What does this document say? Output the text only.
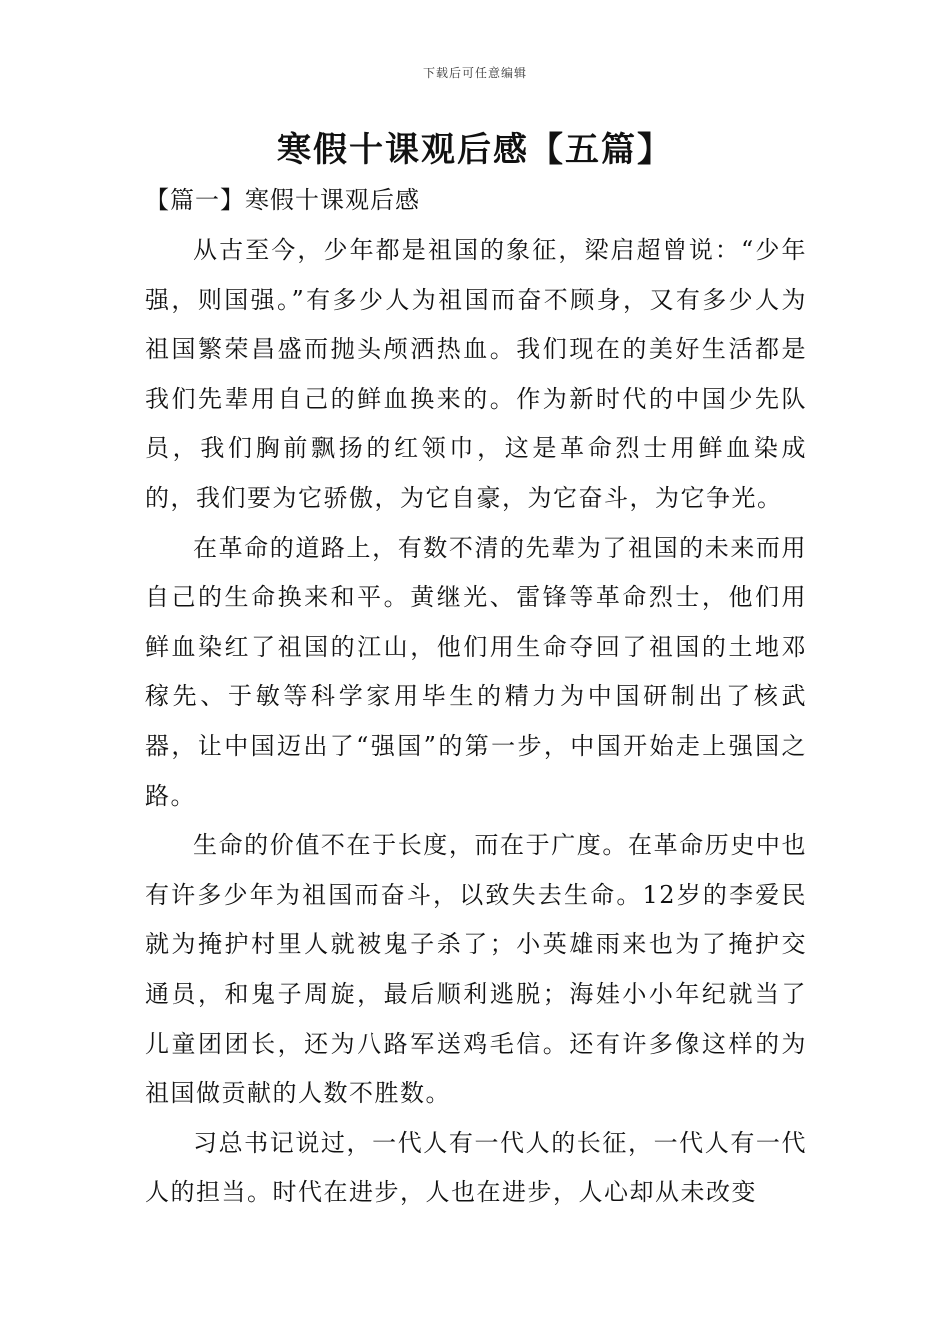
下载后可任意编辑
寒假十课观后感【五篇】
【篇一】寒假十课观后感

从古至今，少年都是祖国的象征，梁启超曾说：“少年强，则国强。”有多少人为祖国而奋不顾身，又有多少人为祖国繁荣昌盛而抛头颅洒热血。我们现在的美好生活都是我们先辈用自己的鲜血换来的。作为新时代的中国少先队员，我们胸前飘扬的红领巾，这是革命烈士用鲜血染成的，我们要为它骄傲，为它自豪，为它奋斗，为它争光。

在革命的道路上，有数不清的先辈为了祖国的未来而用自己的生命换来和平。黄继光、雷锋等革命烈士，他们用鲜血染红了祖国的江山，他们用生命夺回了祖国的土地邓稼先、于敏等科学家用毕生的精力为中国研制出了核武器，让中国迈出了“强国”的第一步，中国开始走上强国之路。

生命的价值不在于长度，而在于广度。在革命历史中也有许多少年为祖国而奋斗，以致失去生命。12岁的李爱民就为掩护村里人就被鬼子杀了；小英雄雨来也为了掩护交通员，和鬼子周旋，最后顺利逃脱；海娃小小年纪就当了儿童团团长，还为八路军送鸡毛信。还有许多像这样的为祖国做贡献的人数不胜数。

习总书记说过，一代人有一代人的长征，一代人有一代人的担当。时代在进步，人也在进步，人心却从未改变
